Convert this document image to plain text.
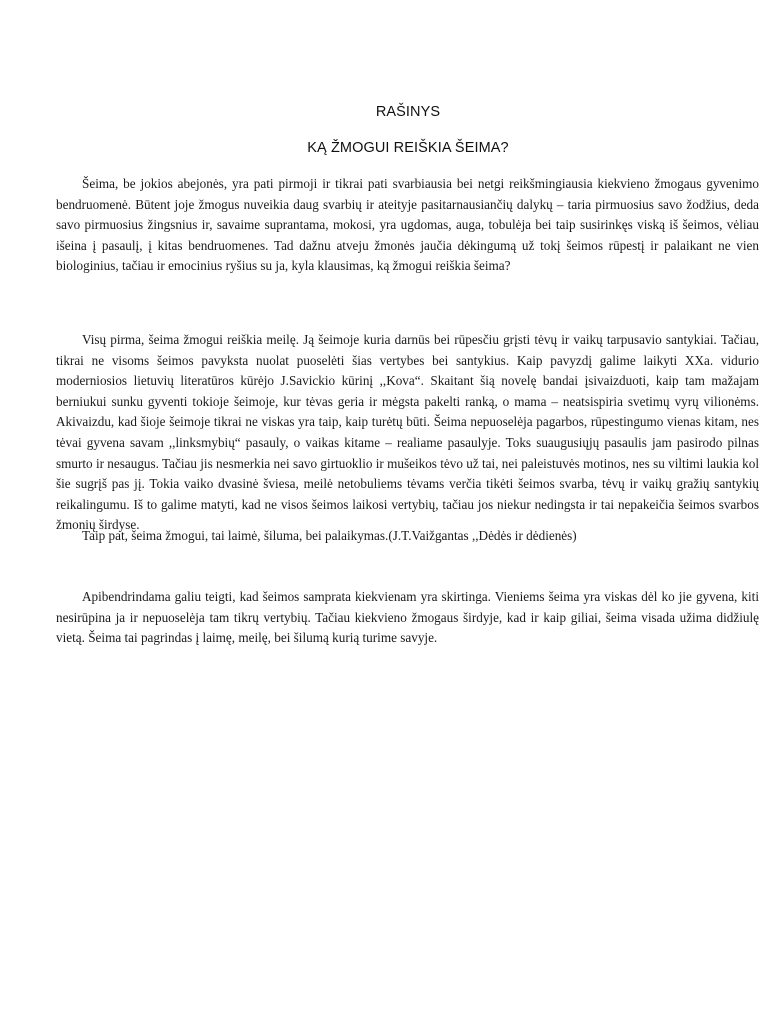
RAŠINYS
KĄ ŽMOGUI REIŠKIA ŠEIMA?

Šeima, be jokios abejonės, yra pati pirmoji ir tikrai pati svarbiausia bei netgi reikšmingiausia kiekvieno žmogaus gyvenimo bendruomenė. Būtent joje žmogus nuveikia daug svarbių ir ateityje pasitarnausiančių dalykų – taria pirmuosius savo žodžius, deda savo pirmuosius žingsnius ir, savaime suprantama, mokosi, yra ugdomas, auga, tobulėja bei taip susirinkęs viską iš šeimos, vėliau išeina į pasaulį, į kitas bendruomenes. Tad dažnu atveju žmonės jaučia dėkingumą už tokį šeimos rūpestį ir palaikant ne vien biologinius, tačiau ir emocinius ryšius su ja, kyla klausimas, ką žmogui reiškia šeima?

Visų pirma, šeima žmogui reiškia meilę. Ją šeimoje kuria darnūs bei rūpesčiu grįsti tėvų ir vaikų tarpusavio santykiai. Tačiau, tikrai ne visoms šeimos pavyksta nuolat puoselėti šias vertybes bei santykius. Kaip pavyzdį galime laikyti XXa. vidurio moderniosios lietuvių literatūros kūrėjo J.Savickio kūrinį ,,Kova“. Skaitant šią novelę bandai įsivaizduoti, kaip tam mažajam berniukui sunku gyventi tokioje šeimoje, kur tėvas geria ir mėgsta pakelti ranką, o mama – neatsispiria svetimų vyrų vilionėms. Akivaizdu, kad šioje šeimoje tikrai ne viskas yra taip, kaip turėtų būti. Šeima nepuoselėja pagarbos, rūpestingumo vienas kitam, nes tėvai gyvena savam ,,linksmybių“ pasauly, o vaikas kitame – realiame pasaulyje. Toks suaugusiųjų pasaulis jam pasirodo pilnas smurto ir nesaugus. Tačiau jis nesmerkia nei savo girtuoklio ir mušeikos tėvo už tai, nei paleistuvės motinos, nes su viltimi laukia kol šie sugrįš pas jį. Tokia vaiko dvasinė šviesa, meilė netobuliems tėvams verčia tikėti šeimos svarba, tėvų ir vaikų gražių santykių reikalingumu. Iš to galime matyti, kad ne visos šeimos laikosi vertybių, tačiau jos niekur nedingsta ir tai nepakeičia šeimos svarbos žmonių širdyse.

Taip pat, šeima žmogui, tai laimė, šiluma, bei palaikymas.(J.T.Vaižgantas ,,Dėdės ir dėdienės)

Apibendrindama galiu teigti, kad šeimos samprata kiekvienam yra skirtinga. Vieniems šeima yra viskas dėl ko jie gyvena, kiti nesirūpina ja ir nepuoselėja tam tikrų vertybių. Tačiau kiekvieno žmogaus širdyje, kad ir kaip giliai, šeima visada užima didžiulę vietą. Šeima tai pagrindas į laimę, meilę, bei šilumą kurią turime savyje.
